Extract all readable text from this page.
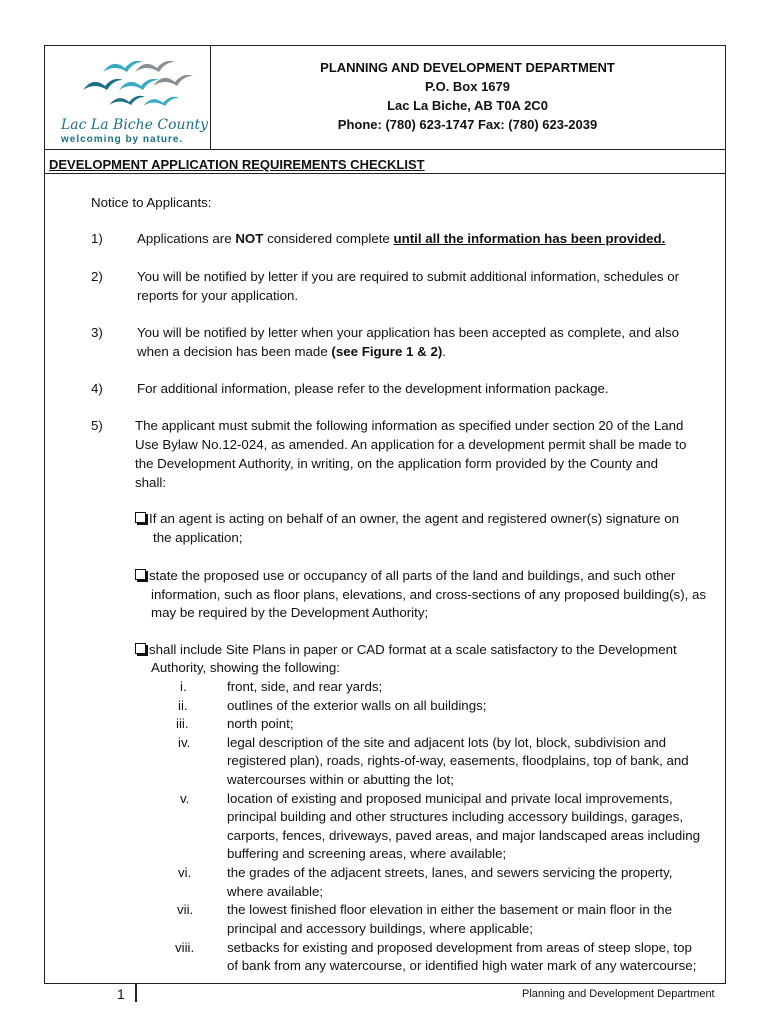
Lac La Biche County
welcoming by nature.
PLANNING AND DEVELOPMENT DEPARTMENT
P.O. Box 1679
Lac La Biche, AB T0A 2C0
Phone: (780) 623-1747 Fax: (780) 623-2039
DEVELOPMENT APPLICATION REQUIREMENTS CHECKLIST
Notice to Applicants:
1)	Applications are NOT considered complete until all the information has been provided.
2)	You will be notified by letter if you are required to submit additional information, schedules or
reports for your application.
3)	You will be notified by letter when your application has been accepted as complete, and also
when a decision has been made (see Figure 1 & 2).
4)	For additional information, please refer to the development information package.
5) The applicant must submit the following information as specified under section 20 of the Land
Use Bylaw No.12-024, as amended. An application for a development permit shall be made to
the Development Authority, in writing, on the application form provided by the County and
shall:
If an agent is acting on behalf of an owner, the agent and registered owner(s) signature on
the application;
state the proposed use or occupancy of all parts of the land and buildings, and such other
information, such as floor plans, elevations, and cross-sections of any proposed building(s), as
may be required by the Development Authority;
shall include Site Plans in paper or CAD format at a scale satisfactory to the Development
Authority, showing the following:
i.	front, side, and rear yards;
ii.	outlines of the exterior walls on all buildings;
iii.	north point;
iv.	legal description of the site and adjacent lots (by lot, block, subdivision and
registered plan), roads, rights-of-way, easements, floodplains, top of bank, and
watercourses within or abutting the lot;
v.	location of existing and proposed municipal and private local improvements,
principal building and other structures including accessory buildings, garages,
carports, fences, driveways, paved areas, and major landscaped areas including
buffering and screening areas, where available;
vi.	the grades of the adjacent streets, lanes, and sewers servicing the property,
where available;
vii.	the lowest finished floor elevation in either the basement or main floor in the
principal and accessory buildings, where applicable;
viii. setbacks for existing and proposed development from areas of steep slope, top
of bank from any watercourse, or identified high water mark of any watercourse;
1	Planning and Development Department
